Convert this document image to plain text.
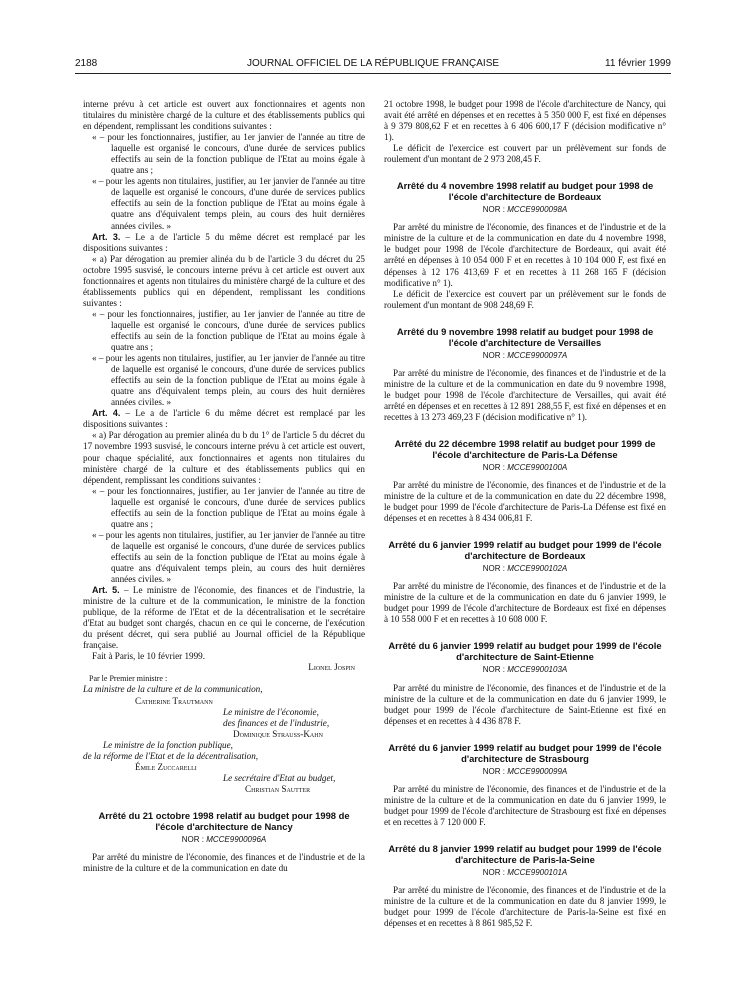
2188	JOURNAL OFFICIEL DE LA RÉPUBLIQUE FRANÇAISE	11 février 1999

interne prévu à cet article est ouvert aux fonctionnaires et agents non titulaires du ministère chargé de la culture et des établissements publics qui en dépendent, remplissant les conditions suivantes :

« – pour les fonctionnaires, justifier, au 1er janvier de l'année au titre de laquelle est organisé le concours, d'une durée de services publics effectifs au sein de la fonction publique de l'Etat au moins égale à quatre ans ;

« – pour les agents non titulaires, justifier, au 1er janvier de l'année au titre de laquelle est organisé le concours, d'une durée de services publics effectifs au sein de la fonction publique de l'Etat au moins égale à quatre ans d'équivalent temps plein, au cours des huit dernières années civiles. »

Art. 3. – Le a de l'article 5 du même décret est remplacé par les dispositions suivantes :

« a) Par dérogation au premier alinéa du b de l'article 3 du décret du 25 octobre 1995 susvisé, le concours interne prévu à cet article est ouvert aux fonctionnaires et agents non titulaires du ministère chargé de la culture et des établissements publics qui en dépendent, remplissant les conditions suivantes :

« – pour les fonctionnaires, justifier, au 1er janvier de l'année au titre de laquelle est organisé le concours, d'une durée de services publics effectifs au sein de la fonction publique de l'Etat au moins égale à quatre ans ;

« – pour les agents non titulaires, justifier, au 1er janvier de l'année au titre de laquelle est organisé le concours, d'une durée de services publics effectifs au sein de la fonction publique de l'Etat au moins égale à quatre ans d'équivalent temps plein, au cours des huit dernières années civiles. »

Art. 4. – Le a de l'article 6 du même décret est remplacé par les dispositions suivantes :

« a) Par dérogation au premier alinéa du b du 1° de l'article 5 du décret du 17 novembre 1993 susvisé, le concours interne prévu à cet article est ouvert, pour chaque spécialité, aux fonctionnaires et agents non titulaires du ministère chargé de la culture et des établissements publics qui en dépendent, remplissant les conditions suivantes :

« – pour les fonctionnaires, justifier, au 1er janvier de l'année au titre de laquelle est organisé le concours, d'une durée de services publics effectifs au sein de la fonction publique de l'Etat au moins égale à quatre ans ;

« – pour les agents non titulaires, justifier, au 1er janvier de l'année au titre de laquelle est organisé le concours, d'une durée de services publics effectifs au sein de la fonction publique de l'Etat au moins égale à quatre ans d'équivalent temps plein, au cours des huit dernières années civiles. »

Art. 5. – Le ministre de l'économie, des finances et de l'industrie, la ministre de la culture et de la communication, le ministre de la fonction publique, de la réforme de l'Etat et de la décentralisation et le secrétaire d'Etat au budget sont chargés, chacun en ce qui le concerne, de l'exécution du présent décret, qui sera publié au Journal officiel de la République française.

Fait à Paris, le 10 février 1999.

Lionel Jospin

Par le Premier ministre :

La ministre de la culture et de la communication,

Catherine Trautmann

Le ministre de l'économie,

des finances et de l'industrie,

Dominique Strauss-Kahn

Le ministre de la fonction publique,

de la réforme de l'Etat et de la décentralisation,

Émile Zuccarelli

Le secrétaire d'Etat au budget,

Christian Sautter

Arrêté du 21 octobre 1998 relatif au budget pour 1998 de l'école d'architecture de Nancy

NOR : MCCE9900096A

Par arrêté du ministre de l'économie, des finances et de l'industrie et de la ministre de la culture et de la communication en date du

21 octobre 1998, le budget pour 1998 de l'école d'architecture de Nancy, qui avait été arrêté en dépenses et en recettes à 5 350 000 F, est fixé en dépenses à 9 379 808,62 F et en recettes à 6 406 600,17 F (décision modificative n° 1).

Le déficit de l'exercice est couvert par un prélèvement sur fonds de roulement d'un montant de 2 973 208,45 F.

Arrêté du 4 novembre 1998 relatif au budget pour 1998 de l'école d'architecture de Bordeaux

NOR : MCCE9900098A

Par arrêté du ministre de l'économie, des finances et de l'industrie et de la ministre de la culture et de la communication en date du 4 novembre 1998, le budget pour 1998 de l'école d'architecture de Bordeaux, qui avait été arrêté en dépenses à 10 054 000 F et en recettes à 10 104 000 F, est fixé en dépenses à 12 176 413,69 F et en recettes à 11 268 165 F (décision modificative n° 1).

Le déficit de l'exercice est couvert par un prélèvement sur le fonds de roulement d'un montant de 908 248,69 F.

Arrêté du 9 novembre 1998 relatif au budget pour 1998 de l'école d'architecture de Versailles

NOR : MCCE9900097A

Par arrêté du ministre de l'économie, des finances et de l'industrie et de la ministre de la culture et de la communication en date du 9 novembre 1998, le budget pour 1998 de l'école d'architecture de Versailles, qui avait été arrêté en dépenses et en recettes à 12 891 288,55 F, est fixé en dépenses et en recettes à 13 273 469,23 F (décision modificative n° 1).

Arrêté du 22 décembre 1998 relatif au budget pour 1999 de l'école d'architecture de Paris-La Défense

NOR : MCCE9900100A

Par arrêté du ministre de l'économie, des finances et de l'industrie et de la ministre de la culture et de la communication en date du 22 décembre 1998, le budget pour 1999 de l'école d'architecture de Paris-La Défense est fixé en dépenses et en recettes à 8 434 006,81 F.

Arrêté du 6 janvier 1999 relatif au budget pour 1999 de l'école d'architecture de Bordeaux

NOR : MCCE9900102A

Par arrêté du ministre de l'économie, des finances et de l'industrie et de la ministre de la culture et de la communication en date du 6 janvier 1999, le budget pour 1999 de l'école d'architecture de Bordeaux est fixé en dépenses à 10 558 000 F et en recettes à 10 608 000 F.

Arrêté du 6 janvier 1999 relatif au budget pour 1999 de l'école d'architecture de Saint-Etienne

NOR : MCCE9900103A

Par arrêté du ministre de l'économie, des finances et de l'industrie et de la ministre de la culture et de la communication en date du 6 janvier 1999, le budget pour 1999 de l'école d'architecture de Saint-Etienne est fixé en dépenses et en recettes à 4 436 878 F.

Arrêté du 6 janvier 1999 relatif au budget pour 1999 de l'école d'architecture de Strasbourg

NOR : MCCE9900099A

Par arrêté du ministre de l'économie, des finances et de l'industrie et de la ministre de la culture et de la communication en date du 6 janvier 1999, le budget pour 1999 de l'école d'architecture de Strasbourg est fixé en dépenses et en recettes à 7 120 000 F.

Arrêté du 8 janvier 1999 relatif au budget pour 1999 de l'école d'architecture de Paris-la-Seine

NOR : MCCE9900101A

Par arrêté du ministre de l'économie, des finances et de l'industrie et de la ministre de la culture et de la communication en date du 8 janvier 1999, le budget pour 1999 de l'école d'architecture de Paris-la-Seine est fixé en dépenses et en recettes à 8 861 985,52 F.
